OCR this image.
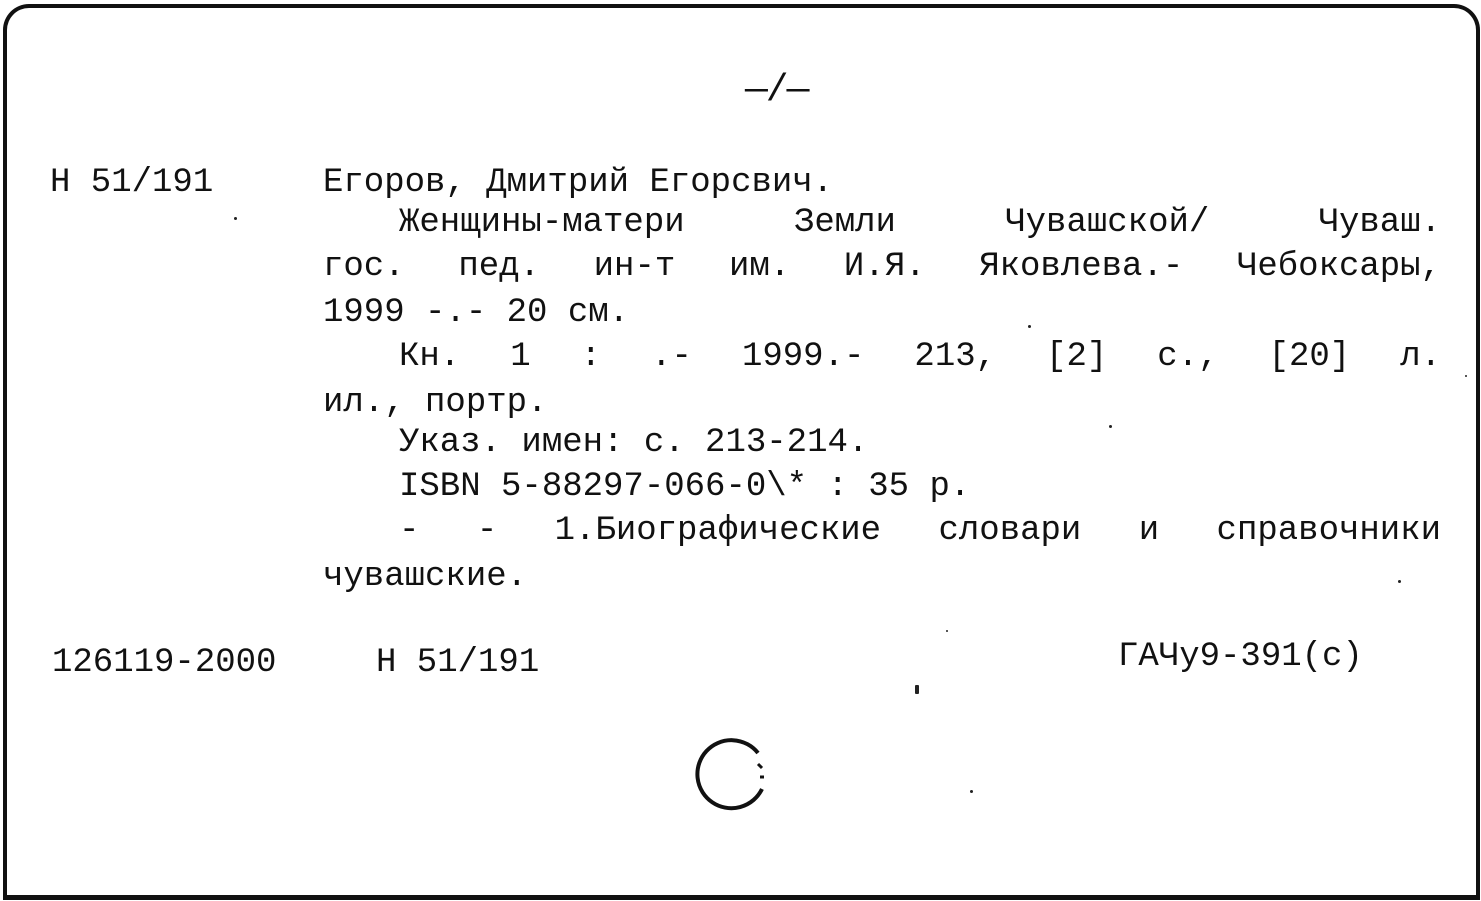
—/—
Н 51/191	Егоров, Дмитрий Егорсвич.
Женщины-матери Земли Чувашской/ Чуваш.
гос. пед. ин-т им. И.Я. Яковлева.- Чебоксары,
1999 -.- 20 см.
Кн. 1 : .- 1999.- 213, [2] с., [20] л.
ил., портр.
Указ. имен: с. 213-214.
ISBN 5-88297-066-0\* : 35 р.
- - 1.Биографические словари и справочники
чувашские.
126119-2000	Н 51/191	ГАЧу9-391(с)
